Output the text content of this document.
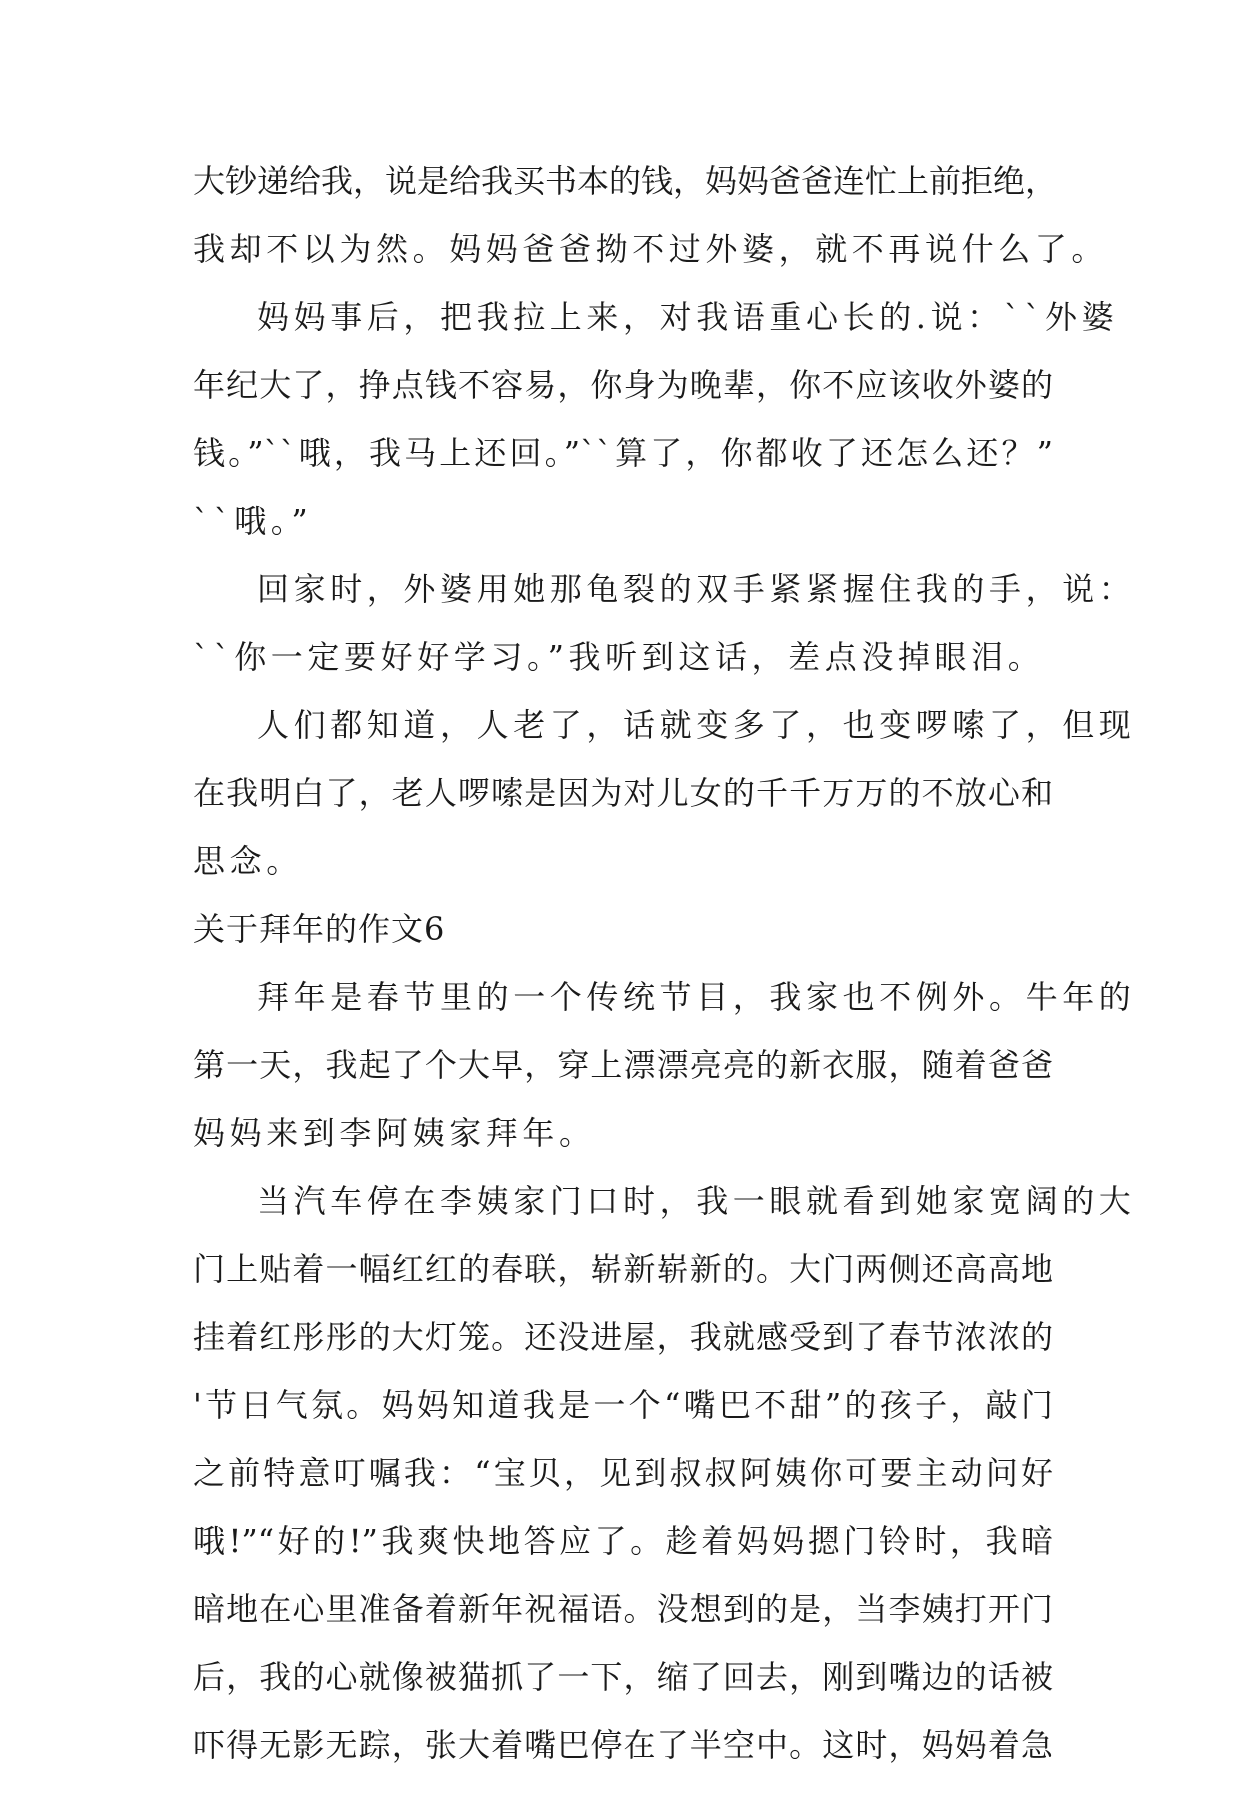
大钞递给我，说是给我买书本的钱，妈妈爸爸连忙上前拒绝，
我却不以为然。妈妈爸爸拗不过外婆，就不再说什么了。
妈妈事后，把我拉上来，对我语重心长的.说：``外婆
年纪大了，挣点钱不容易，你身为晚辈，你不应该收外婆的
钱。”``哦，我马上还回。”``算了，你都收了还怎么还？”
``哦。”
回家时，外婆用她那龟裂的双手紧紧握住我的手，说：
``你一定要好好学习。”我听到这话，差点没掉眼泪。
人们都知道，人老了，话就变多了，也变啰嗦了，但现
在我明白了，老人啰嗦是因为对儿女的千千万万的不放心和
思念。
关于拜年的作文6
拜年是春节里的一个传统节目，我家也不例外。牛年的
第一天，我起了个大早，穿上漂漂亮亮的新衣服，随着爸爸
妈妈来到李阿姨家拜年。
当汽车停在李姨家门口时，我一眼就看到她家宽阔的大
门上贴着一幅红红的春联，崭新崭新的。大门两侧还高高地
挂着红彤彤的大灯笼。还没进屋，我就感受到了春节浓浓的
'节日气氛。妈妈知道我是一个“嘴巴不甜”的孩子，敲门
之前特意叮嘱我：“宝贝，见到叔叔阿姨你可要主动问好
哦!”“好的!”我爽快地答应了。趁着妈妈摁门铃时，我暗
暗地在心里准备着新年祝福语。没想到的是，当李姨打开门
后，我的心就像被猫抓了一下，缩了回去，刚到嘴边的话被
吓得无影无踪，张大着嘴巴停在了半空中。这时，妈妈着急
